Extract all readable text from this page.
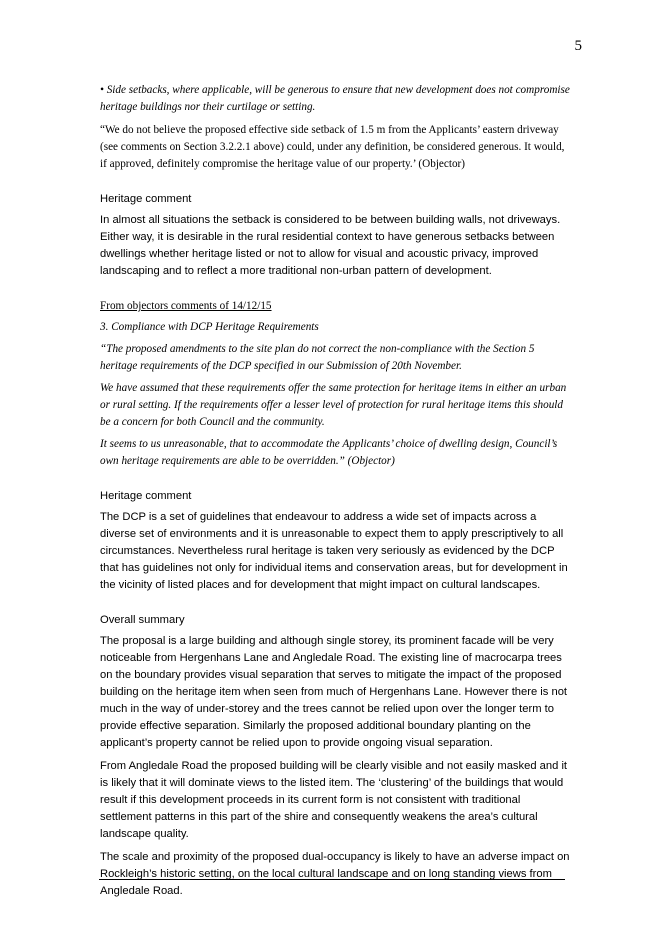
5

• Side setbacks, where applicable, will be generous to ensure that new development does not compromise heritage buildings nor their curtilage or setting.

“We do not believe the proposed effective side setback of 1.5 m from the Applicants’ eastern driveway (see comments on Section 3.2.2.1 above) could, under any definition, be considered generous. It would, if approved, definitely compromise the heritage value of our property.’ (Objector)

Heritage comment

In almost all situations the setback is considered to be between building walls, not driveways. Either way, it is desirable in the rural residential context to have generous setbacks between dwellings whether heritage listed or not to allow for visual and acoustic privacy, improved landscaping and to reflect a more traditional non-urban pattern of development.

From objectors comments of 14/12/15

3. Compliance with DCP Heritage Requirements

“The proposed amendments to the site plan do not correct the non-compliance with the Section 5 heritage requirements of the DCP specified in our Submission of 20th November.

We have assumed that these requirements offer the same protection for heritage items in either an urban or rural setting. If the requirements offer a lesser level of protection for rural heritage items this should be a concern for both Council and the community.

It seems to us unreasonable, that to accommodate the Applicants’ choice of dwelling design, Council’s own heritage requirements are able to be overridden.” (Objector)

Heritage comment

The DCP is a set of guidelines that endeavour to address a wide set of impacts across a diverse set of environments and it is unreasonable to expect them to apply prescriptively to all circumstances. Nevertheless rural heritage is taken very seriously as evidenced by the DCP that has guidelines not only for individual items and conservation areas, but for development in the vicinity of listed places and for development that might impact on cultural landscapes.

Overall summary

The proposal is a large building and although single storey, its prominent facade will be very noticeable from Hergenhans Lane and Angledale Road. The existing line of macrocarpa trees on the boundary provides visual separation that serves to mitigate the impact of the proposed building on the heritage item when seen from much of Hergenhans Lane. However there is not much in the way of under-storey and the trees cannot be relied upon over the longer term to provide effective separation. Similarly the proposed additional boundary planting on the applicant’s property cannot be relied upon to provide ongoing visual separation.

From Angledale Road the proposed building will be clearly visible and not easily masked and it is likely that it will dominate views to the listed item. The ‘clustering’ of the buildings that would result if this development proceeds in its current form is not consistent with traditional settlement patterns in this part of the shire and consequently weakens the area’s cultural landscape quality.

The scale and proximity of the proposed dual-occupancy is likely to have an adverse impact on Rockleigh’s historic setting, on the local cultural landscape and on long standing views from Angledale Road.
